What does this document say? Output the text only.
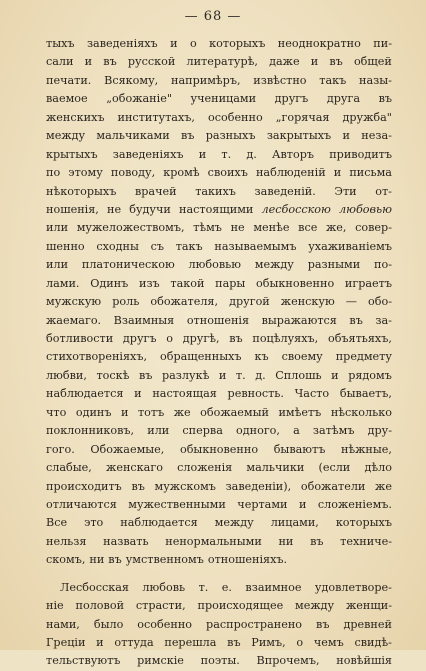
— 68 —
тыхъ заведеніяхъ и о которыхъ неоднократно пи-
сали и въ русской литературѣ, даже и въ общей
печати. Всякому, напримѣръ, извѣстно такъ назы-
ваемое „обожаніе" ученицами другъ друга въ
женскихъ институтахъ, особенно „горячая дружба"
между мальчиками въ разныхъ закрытыхъ и неза-
крытыхъ заведеніяхъ и т. д. Авторъ приводитъ
по этому поводу, кромѣ своихъ наблюденій и письма
нѣкоторыхъ врачей такихъ заведеній. Эти от-
ношенія, не будучи настоящими лесбосскою любовью
или мужеложествомъ, тѣмъ не менѣе все же, совер-
шенно сходны съ такъ называемымъ ухаживаніемъ
или платоническою любовью между разными по-
лами. Одинъ изъ такой пары обыкновенно играетъ
мужскую роль обожателя, другой женскую — обо-
жаемаго. Взаимныя отношенія выражаются въ за-
ботливости другъ о другѣ, въ поцѣлуяхъ, объятьяхъ,
стихотвореніяхъ, обращенныхъ къ своему предмету
любви, тоскѣ въ разлукѣ и т. д. Сплошь и рядомъ
наблюдается и настоящая ревность. Часто бываетъ,
что одинъ и тотъ же обожаемый имѣетъ нѣсколько
поклонниковъ, или сперва одного, а затѣмъ дру-
гого. Обожаемые, обыкновенно бываютъ нѣжные,
слабые, женскаго сложенія мальчики (если дѣло
происходитъ въ мужскомъ заведеніи), обожатели же
отличаются мужественными чертами и сложеніемъ.
Все это наблюдается между лицами, которыхъ
нельзя назвать ненормальными ни въ техниче-
скомъ, ни въ умственномъ отношеніяхъ.
Лесбосская любовь т. е. взаимное удовлетворе-
ніе половой страсти, происходящее между женщи-
нами, было особенно распространено въ древней
Греціи и оттуда перешла въ Римъ, о чемъ свидѣ-
тельствуютъ римскіе поэты. Впрочемъ, новѣйшія
